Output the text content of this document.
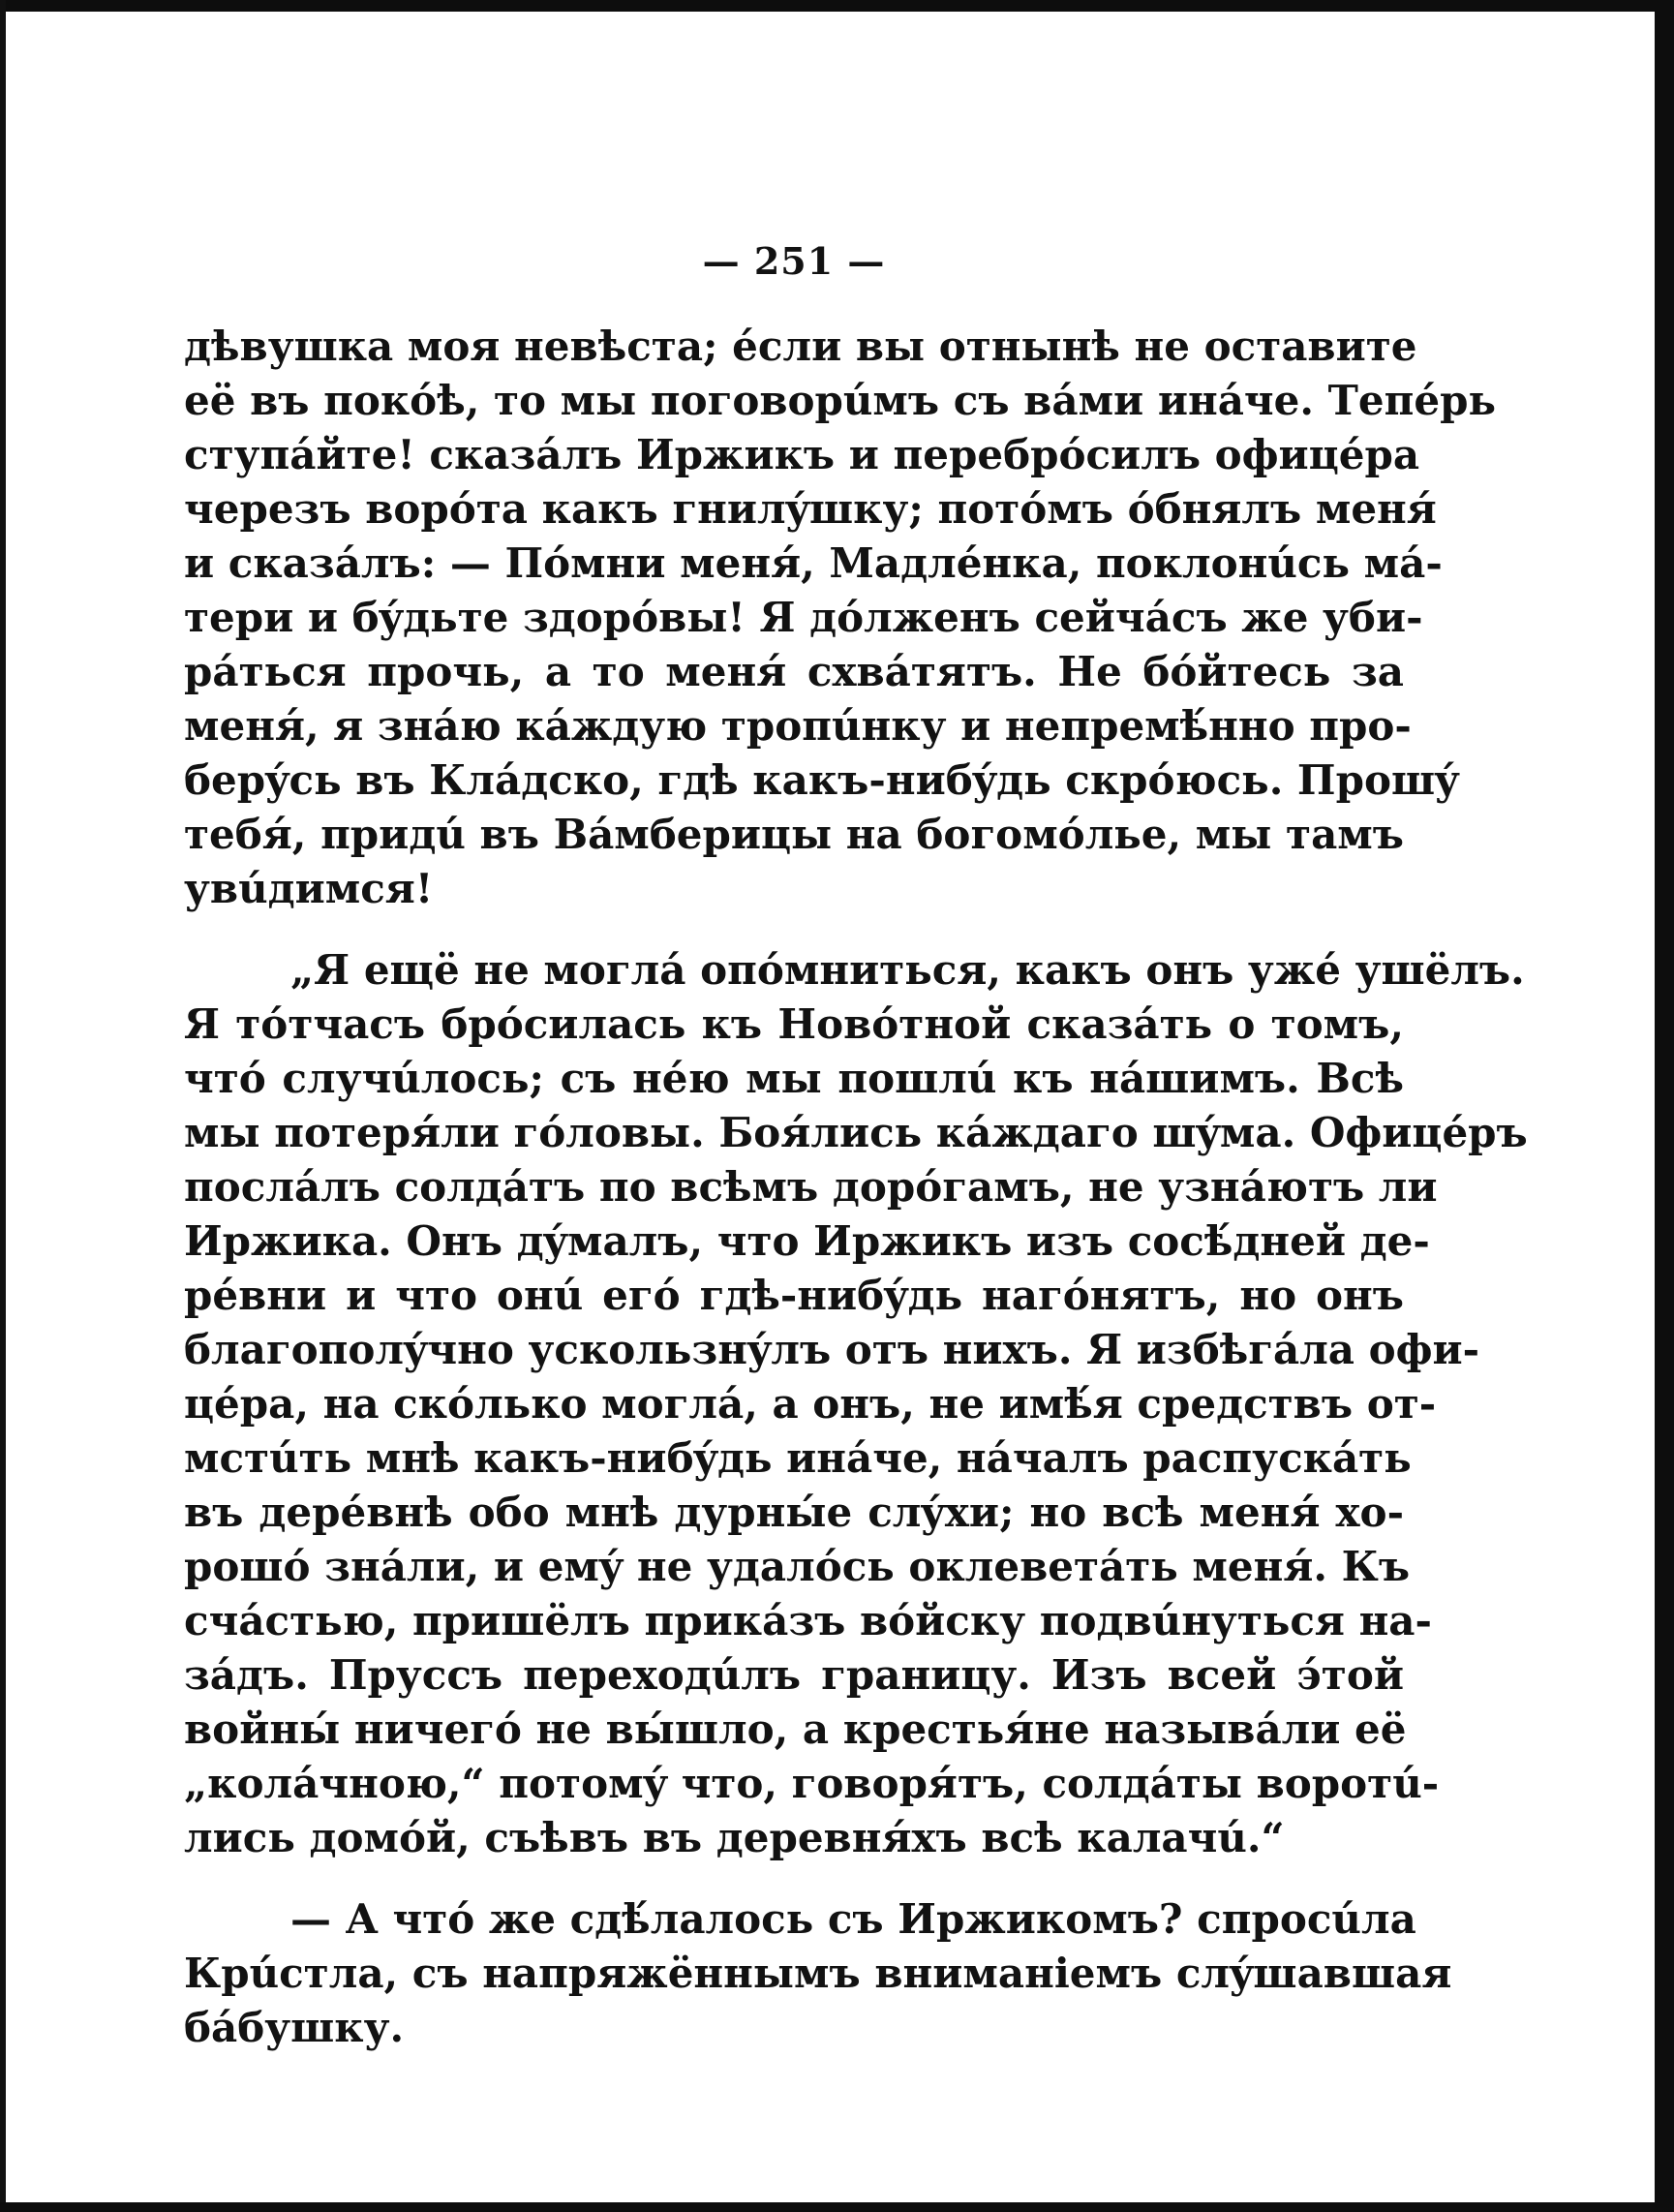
— 251 —
дѣвушка моя невѣста; éсли вы отнынѣ не оставите
её въ покóѣ, то мы поговорúмъ съ вáми инáче. Тепéрь
ступáйте! сказáлъ Иржикъ и перебрóсилъ офицéра
черезъ ворóта какъ гнилýшку; потóмъ óбнялъ меня́
и сказáлъ: — Пóмни меня́, Мадлéнка, поклонúсь мá-
тери и бýдьте здорóвы! Я дóлженъ сейчáсъ же уби-
рáться прочь, а то меня́ схвáтятъ. Не бóйтесь за
меня́, я знáю кáждую тропúнку и непремѣ́нно про-
берýсь въ Клáдско, гдѣ какъ-нибýдь скрóюсь. Прошý
тебя́, придú въ Вáмберицы на богомóлье, мы тамъ
увúдимся!
„Я ещё не моглá опóмниться, какъ онъ ужé ушёлъ.
Я тóтчасъ брóсилась къ Новóтной сказáть о томъ,
что́ случúлось; съ нéю мы пошлú къ нáшимъ. Всѣ
мы потеря́ли гóловы. Боя́лись кáждаго шýма. Офицéръ
послáлъ солдáтъ по всѣмъ дорóгамъ, не узнáютъ ли
Иржика. Онъ дýмалъ, что Иржикъ изъ сосѣ́дней де-
рéвни и что онú егó гдѣ-нибýдь нагóнятъ, но онъ
благополýчно ускользнýлъ отъ нихъ. Я избѣгáла офи-
цéра, на скóлько моглá, а онъ, не имѣ́я средствъ от-
мстúть мнѣ какъ-нибýдь инáче, нáчалъ распускáть
въ дерéвнѣ обо мнѣ дурны́е слýхи; но всѣ меня́ хо-
рошó знáли, и емý не удалóсь оклеветáть меня́. Къ
счáстью, пришёлъ прикáзъ вóйску подвúнуться на-
зáдъ. Пруссъ переходúлъ границу. Изъ всей э́той
войны́ ничегó не вы́шло, а крестья́не назывáли её
„колáчною,“ потомý что, говоря́тъ, солдáты воротú-
лись домóй, съѣвъ въ деревня́хъ всѣ калачú.“
— А что́ же сдѣ́лалось съ Иржикомъ? спросúла
Крúстла, съ напряжённымъ вниманіемъ слýшавшая
бáбушку.
